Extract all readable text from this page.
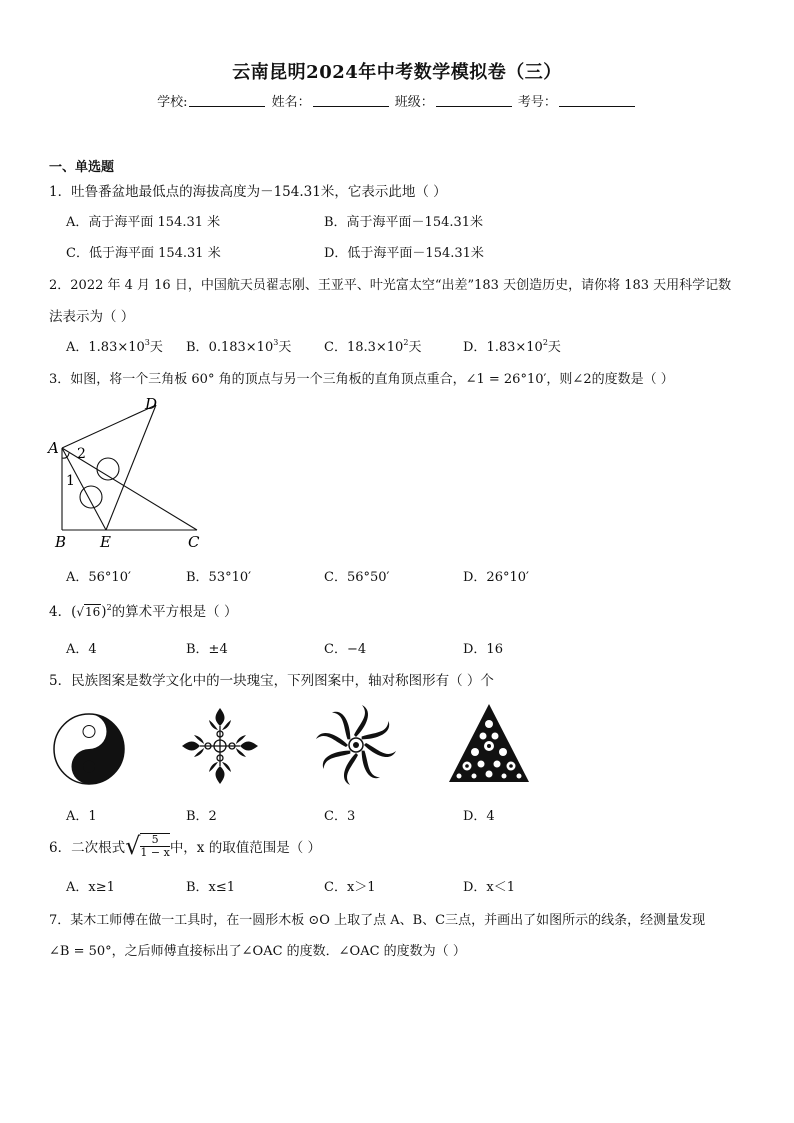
云南昆明2024年中考数学模拟卷（三）
学校:	姓名：	班级：	考号：
一、单选题
1．吐鲁番盆地最低点的海拔高度为－154.31米，它表示此地（ ）
A．高于海平面 154.31 米	B．高于海平面－154.31米
C．低于海平面 154.31 米	D．低于海平面－154.31米
2．2022 年 4 月 16 日，中国航天员翟志刚、王亚平、叶光富太空“出差”183 天创造历史，请你将 183 天用科学记数
法表示为（ ）
A．$1.83\times 10^3$天 B．$0.183\times 10^3$天	C．$18.3\times 10^2$天	D．$1.83\times 10^2$天
3．如图，将一个三角板 60° 角的顶点与另一个三角板的直角顶点重合，∠1 = 26°10′，则∠2的度数是（ ）
A
D
B E	C
1
2
A．56°10′	B．53°10′	C．56°50′	D．26°10′
4．$(√16)^2$的算术平方根是（ ）
A．4	B．±4	C．−4	D．16
5．民族图案是数学文化中的一块瑰宝，下列图案中，轴对称图形有（ ）个
A．1	B．2	C．3	D．4
6．二次根式√ $\frac{5}{1 - x}$ 中，x 的取值范围是（ ）
A．x≥1	B．x≤1	C．x＞1	D．x＜1
7．某木工师傅在做一工具时，在一圆形木板 ⊙O 上取了点 A、B、C三点，并画出了如图所示的线条，经测量发现
∠B = 50°，之后师傅直接标出了∠OAC 的度数．∠OAC 的度数为（ ）
